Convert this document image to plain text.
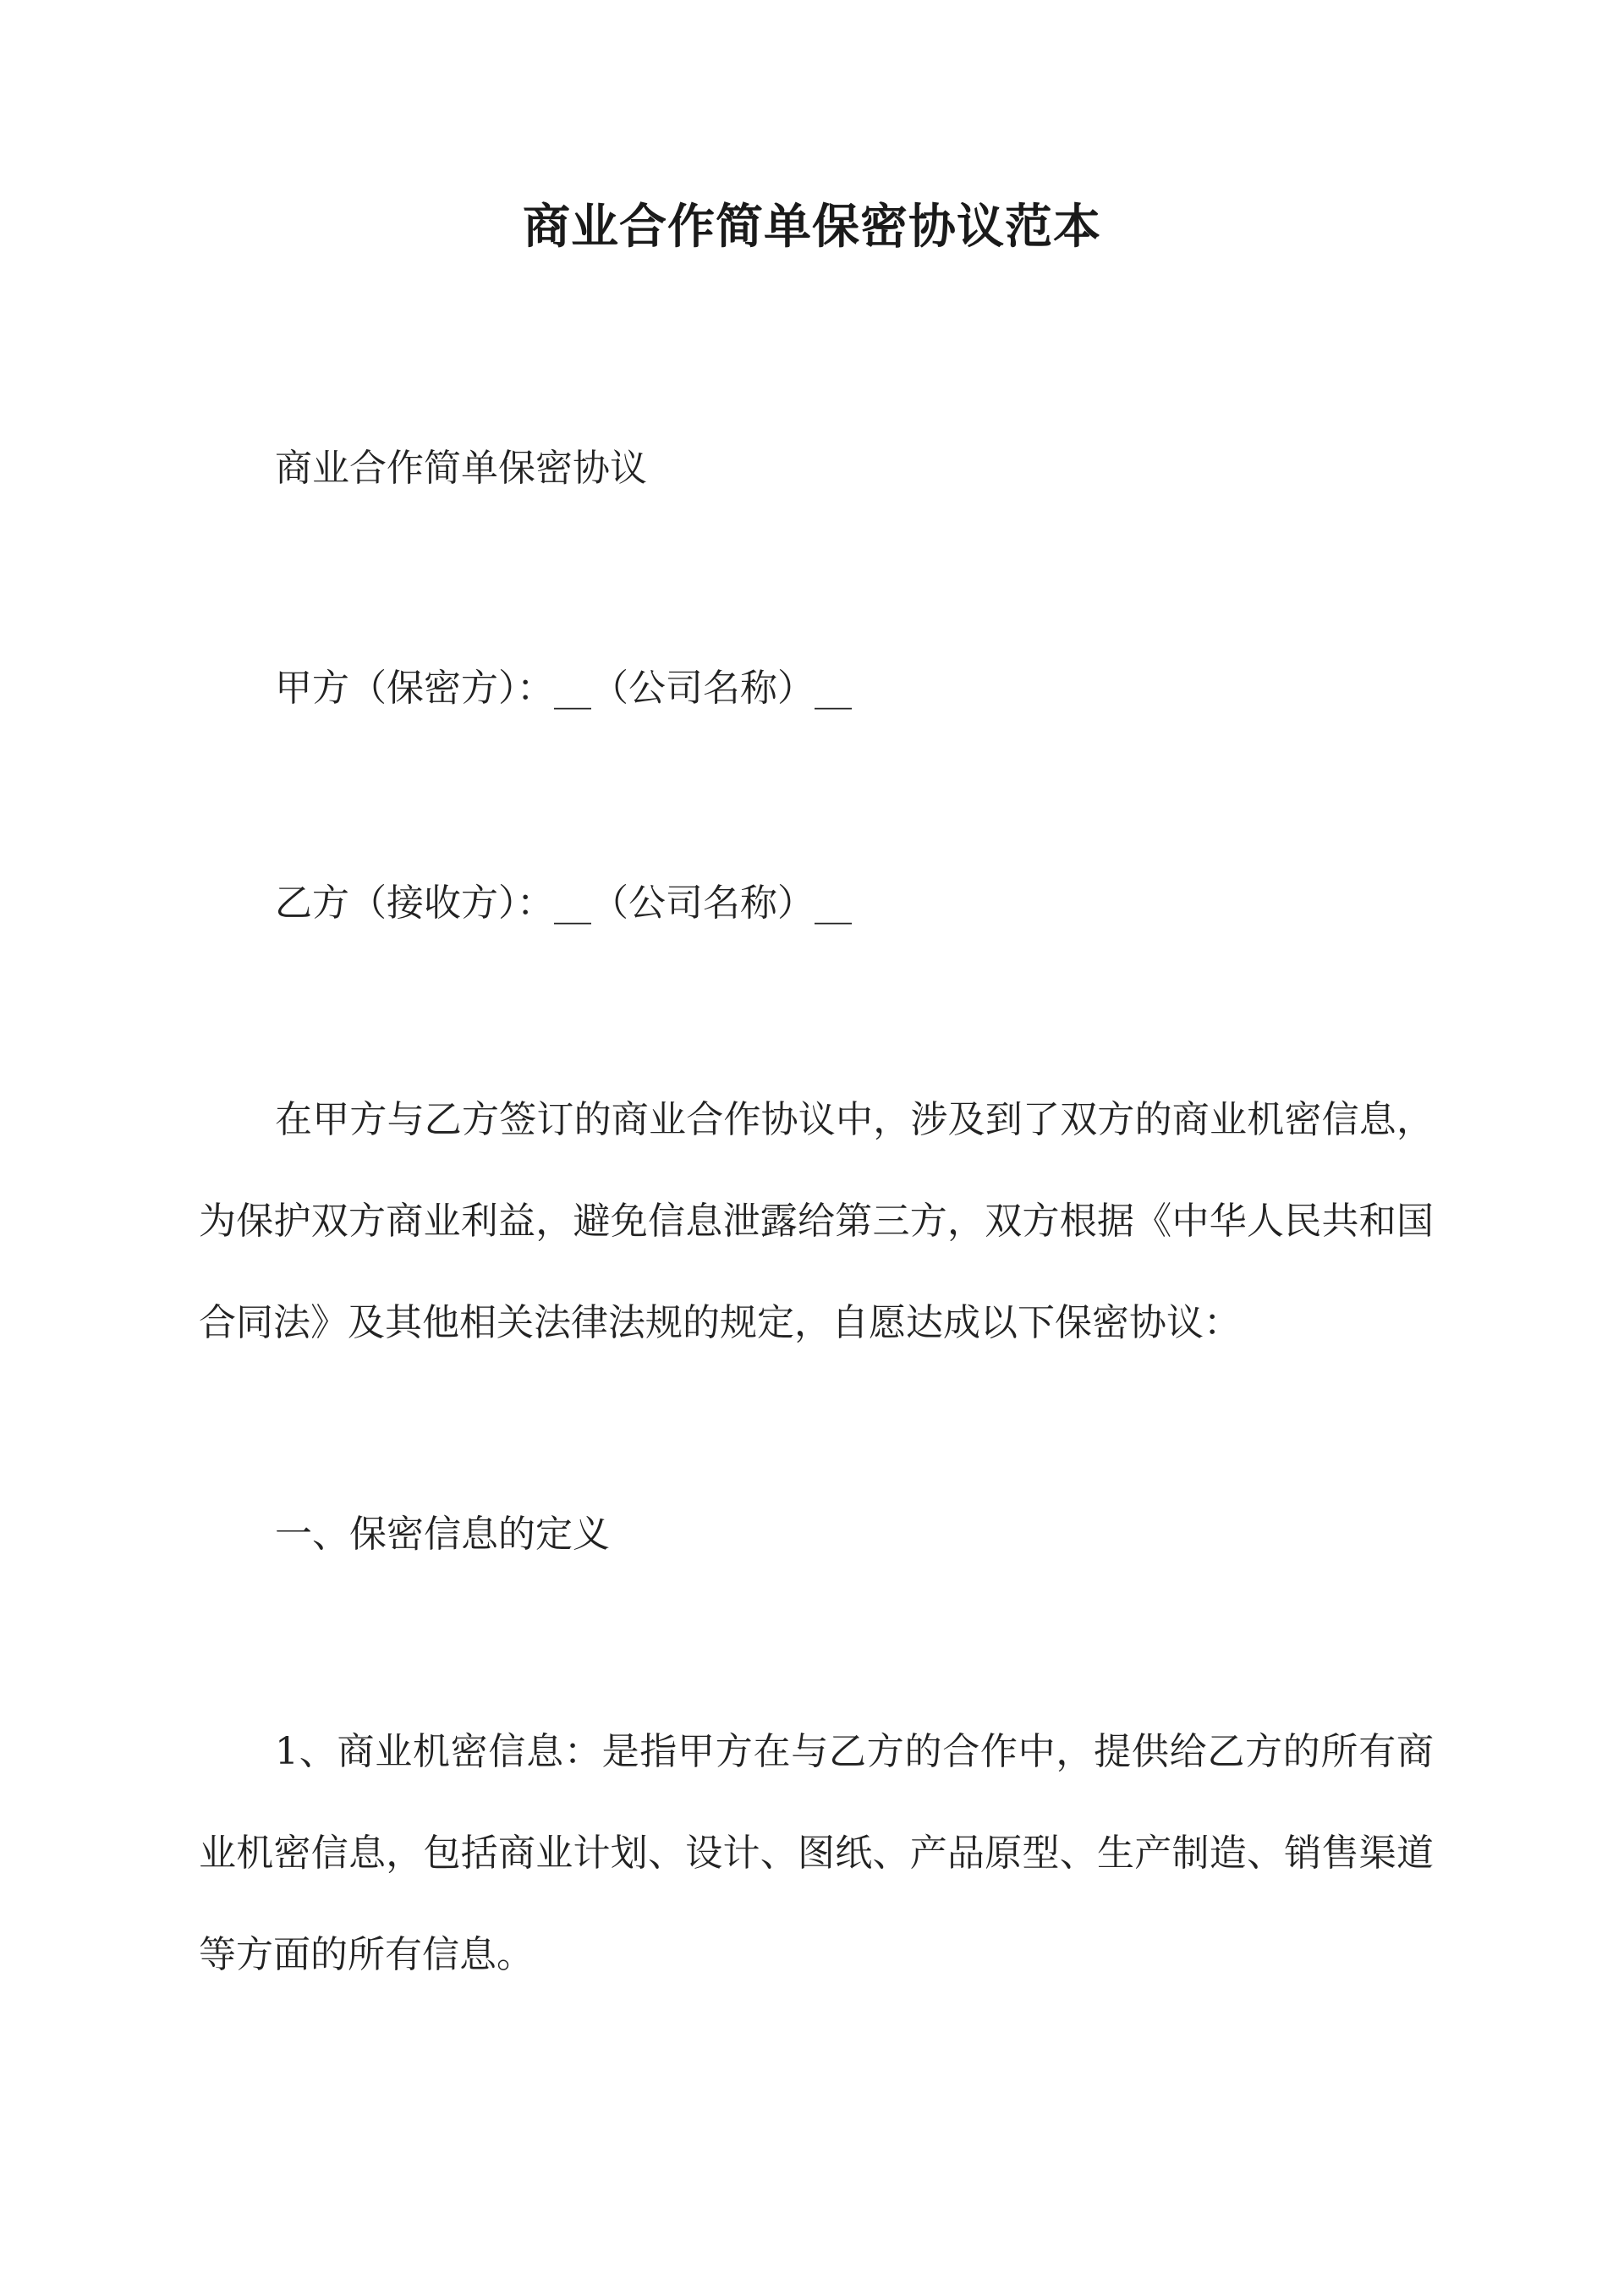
商业合作简单保密协议范本
商业合作简单保密协议
甲方（保密方）：__（公司名称）__
乙方（接收方）：__（公司名称）__
在甲方与乙方签订的商业合作协议中，涉及到了双方的商业机密信息，为保护双方商业利益，避免信息泄露给第三方，双方根据《中华人民共和国合同法》及其他相关法律法规的规定，自愿达成以下保密协议：
一、保密信息的定义
1、商业机密信息：是指甲方在与乙方的合作中，提供给乙方的所有商业机密信息，包括商业计划、设计、图纸、产品原型、生产制造、销售渠道等方面的所有信息。
